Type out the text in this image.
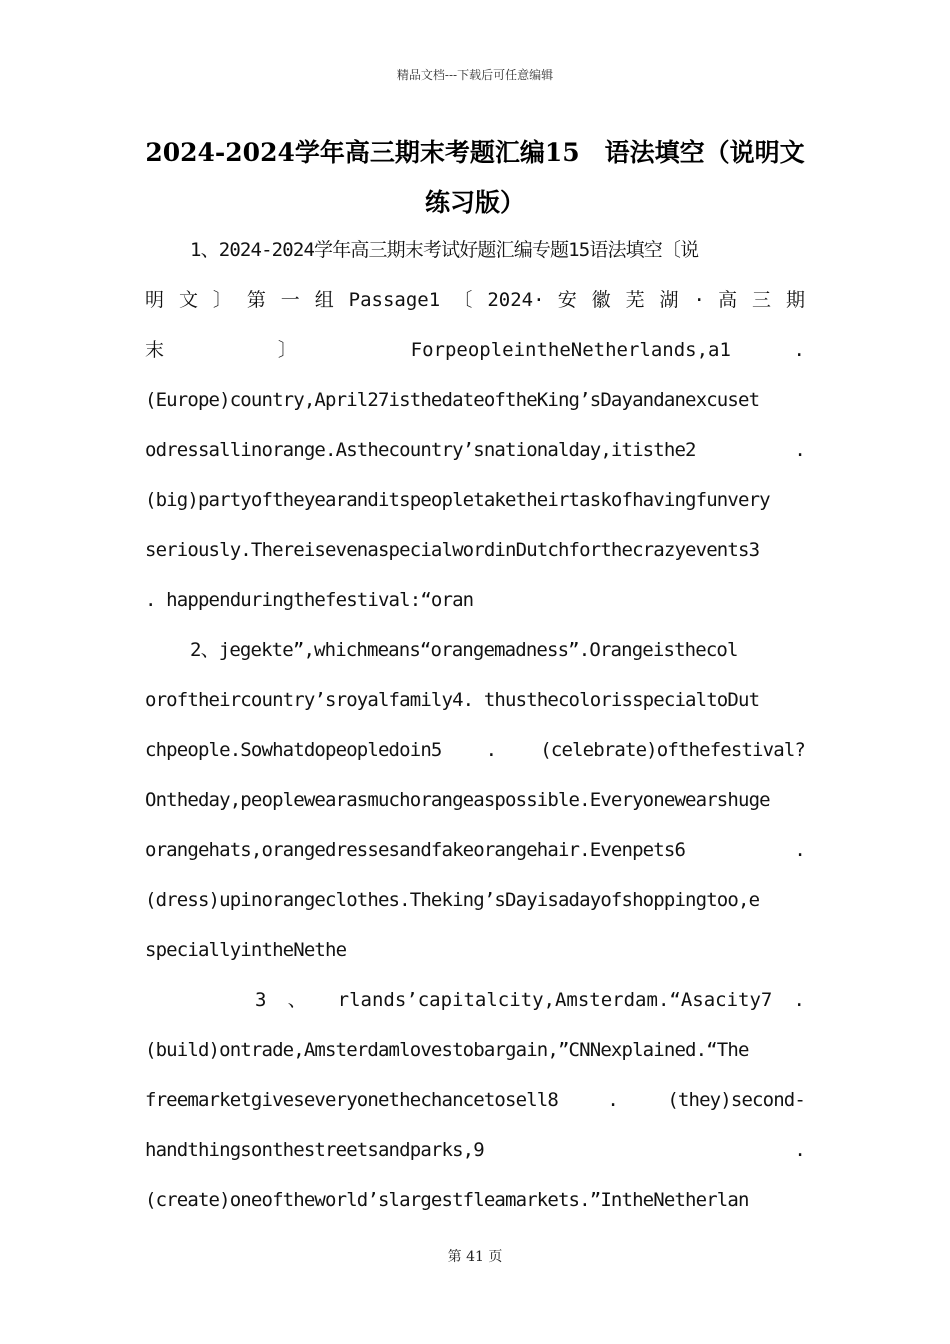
精品文档---下载后可任意编辑
2024-2024学年高三期末考题汇编15　语法填空（说明文练习版）
1、2024-2024学年高三期末考试好题汇编专题15语法填空〔说
明 文 〕 第 一 组 Passage1 〔 2024· 安 徽 芜 湖 · 高 三 期
末 〕 ForpeopleintheNetherlands,a1 .
(Europe)country,April27isthedateoftheKing’sDayandanexcuset
odressallinorange.Asthecountry’snationalday,itisthe2 .
(big)partyoftheyearanditspeopletaketheirtaskofhavingfunvery
seriously.ThereisevenaspecialwordinDutchforthecrazyevents3
. happenduringthefestival:“oran
2、jegekte”,whichmeans“orangemadness”.Orangeisthecol
oroftheircountry’sroyalfamily4. thusthecolorisspecialtoDut
chpeople.Sowhatdopeopledoin5 . (celebrate)ofthefestival?
Ontheday,peoplewearasmuchorangeaspossible.Everyonewearshuge
orangehats,orangedressesandfakeorangehair.Evenpets6 .
(dress)upinorangeclothes.Theking’sDayisadayofshoppingtoo,e
speciallyintheNethe
3 、 rlands’capitalcity,Amsterdam.“Asacity7 .
(build)ontrade,Amsterdamlovestobargain,”CNNexplained.“The
freemarketgiveseveryonethechancetosell8 . (they)second-
handthingsonthestreetsandparks,9 .
(create)oneoftheworld’slargestfleamarkets.”IntheNetherlan
第 41 页
